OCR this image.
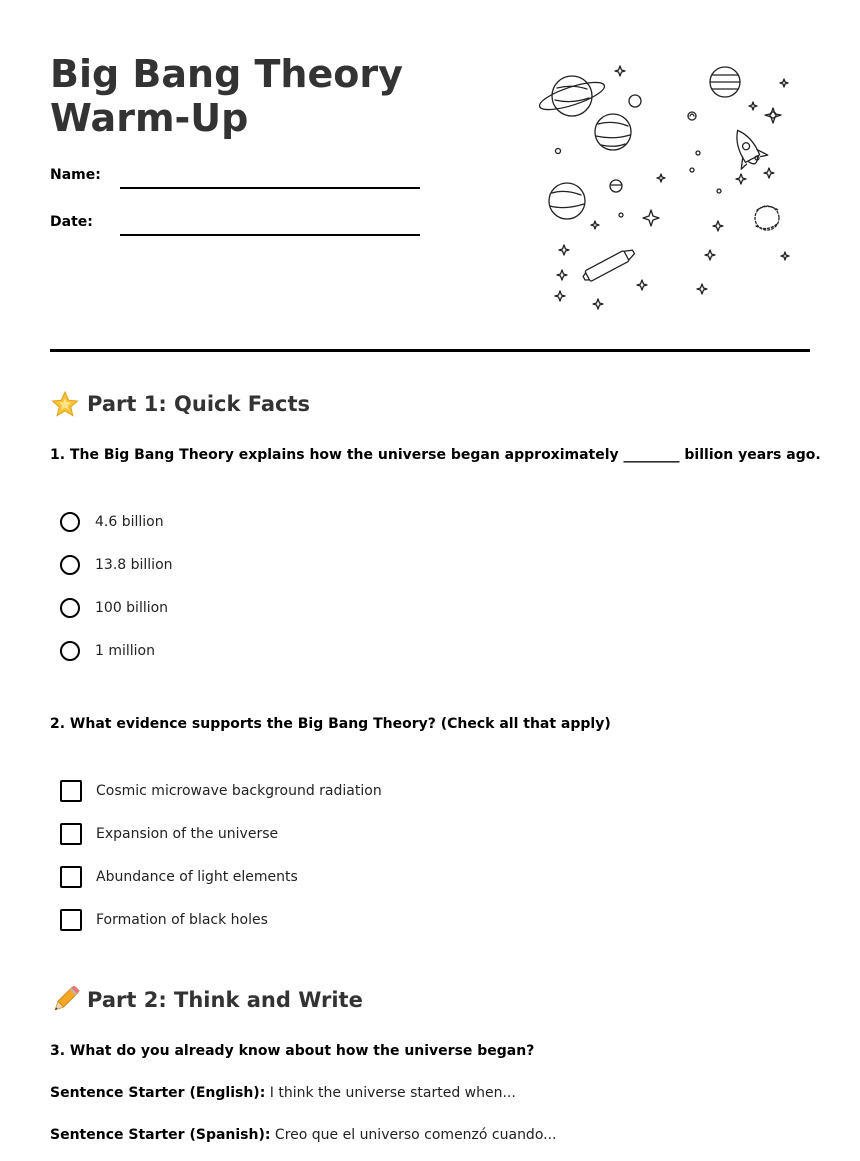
Big Bang Theory Warm-Up
Name:
Date:
Part 1: Quick Facts
1. The Big Bang Theory explains how the universe began approximately ________ billion years ago.
4.6 billion
13.8 billion
100 billion
1 million
2. What evidence supports the Big Bang Theory? (Check all that apply)
Cosmic microwave background radiation
Expansion of the universe
Abundance of light elements
Formation of black holes
Part 2: Think and Write
3. What do you already know about how the universe began?
Sentence Starter (English): I think the universe started when...
Sentence Starter (Spanish): Creo que el universo comenzó cuando...
